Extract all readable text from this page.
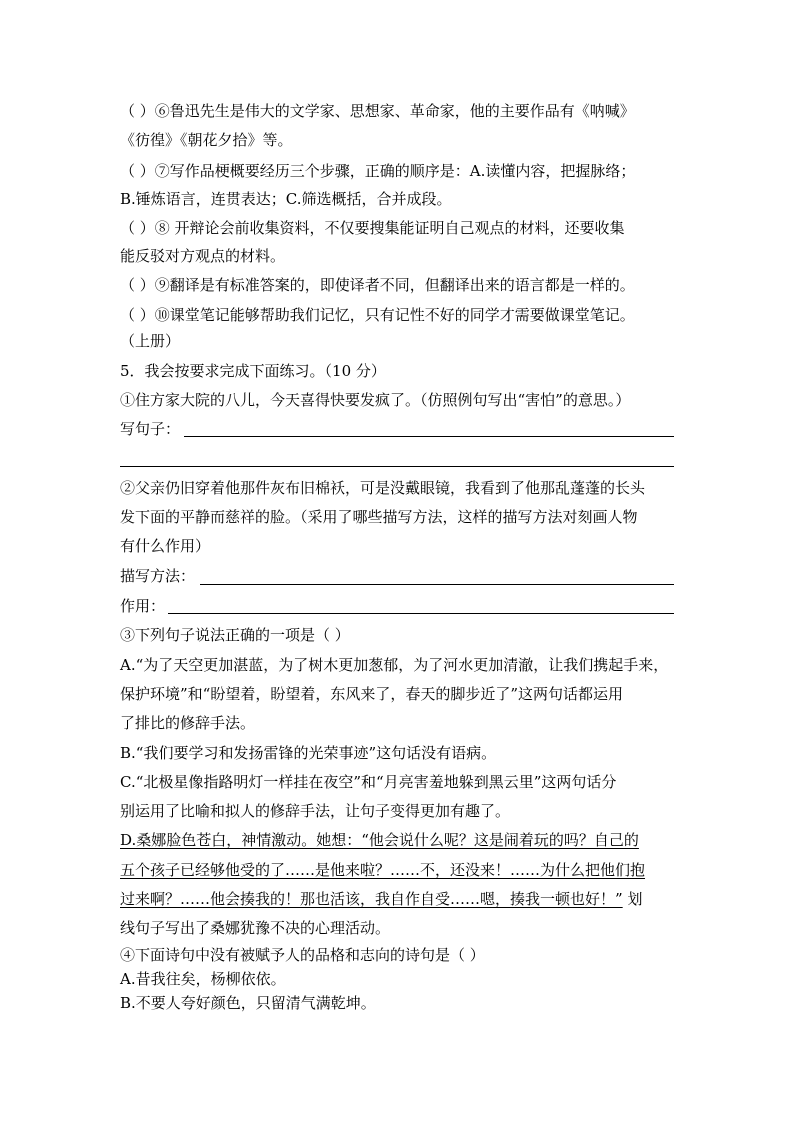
（ ）⑥鲁迅先生是伟大的文学家、思想家、革命家，他的主要作品有《呐喊》
《彷徨》《朝花夕拾》等。
（ ）⑦写作品梗概要经历三个步骤，正确的顺序是：A.读懂内容，把握脉络；
B.锤炼语言，连贯表达；C.筛选概括，合并成段。
（ ）⑧ 开辩论会前收集资料，不仅要搜集能证明自己观点的材料，还要收集
能反驳对方观点的材料。
（ ）⑨翻译是有标准答案的，即使译者不同，但翻译出来的语言都是一样的。
（ ）⑩课堂笔记能够帮助我们记忆，只有记性不好的同学才需要做课堂笔记。
（上册）
5．我会按要求完成下面练习。（10 分）
①住方家大院的八儿，今天喜得快要发疯了。（仿照例句写出“害怕”的意思。）
写句子：
②父亲仍旧穿着他那件灰布旧棉袄，可是没戴眼镜，我看到了他那乱蓬蓬的长头
发下面的平静而慈祥的脸。（采用了哪些描写方法，这样的描写方法对刻画人物
有什么作用）
描写方法：
作用：
③下列句子说法正确的一项是（ ）
A.“为了天空更加湛蓝，为了树木更加葱郁，为了河水更加清澈，让我们携起手来，
保护环境”和“盼望着，盼望着，东风来了，春天的脚步近了”这两句话都运用
了排比的修辞手法。
B.“我们要学习和发扬雷锋的光荣事迹”这句话没有语病。
C.“北极星像指路明灯一样挂在夜空”和“月亮害羞地躲到黑云里”这两句话分
别运用了比喻和拟人的修辞手法，让句子变得更加有趣了。
D.桑娜脸色苍白，神情激动。她想：“他会说什么呢？这是闹着玩的吗？自己的
五个孩子已经够他受的了……是他来啦？……不，还没来！……为什么把他们抱
过来啊？……他会揍我的！那也活该，我自作自受……嗯，揍我一顿也好！” 划
线句子写出了桑娜犹豫不决的心理活动。
④下面诗句中没有被赋予人的品格和志向的诗句是（ ）
A.昔我往矣，杨柳依依。
B.不要人夸好颜色，只留清气满乾坤。
